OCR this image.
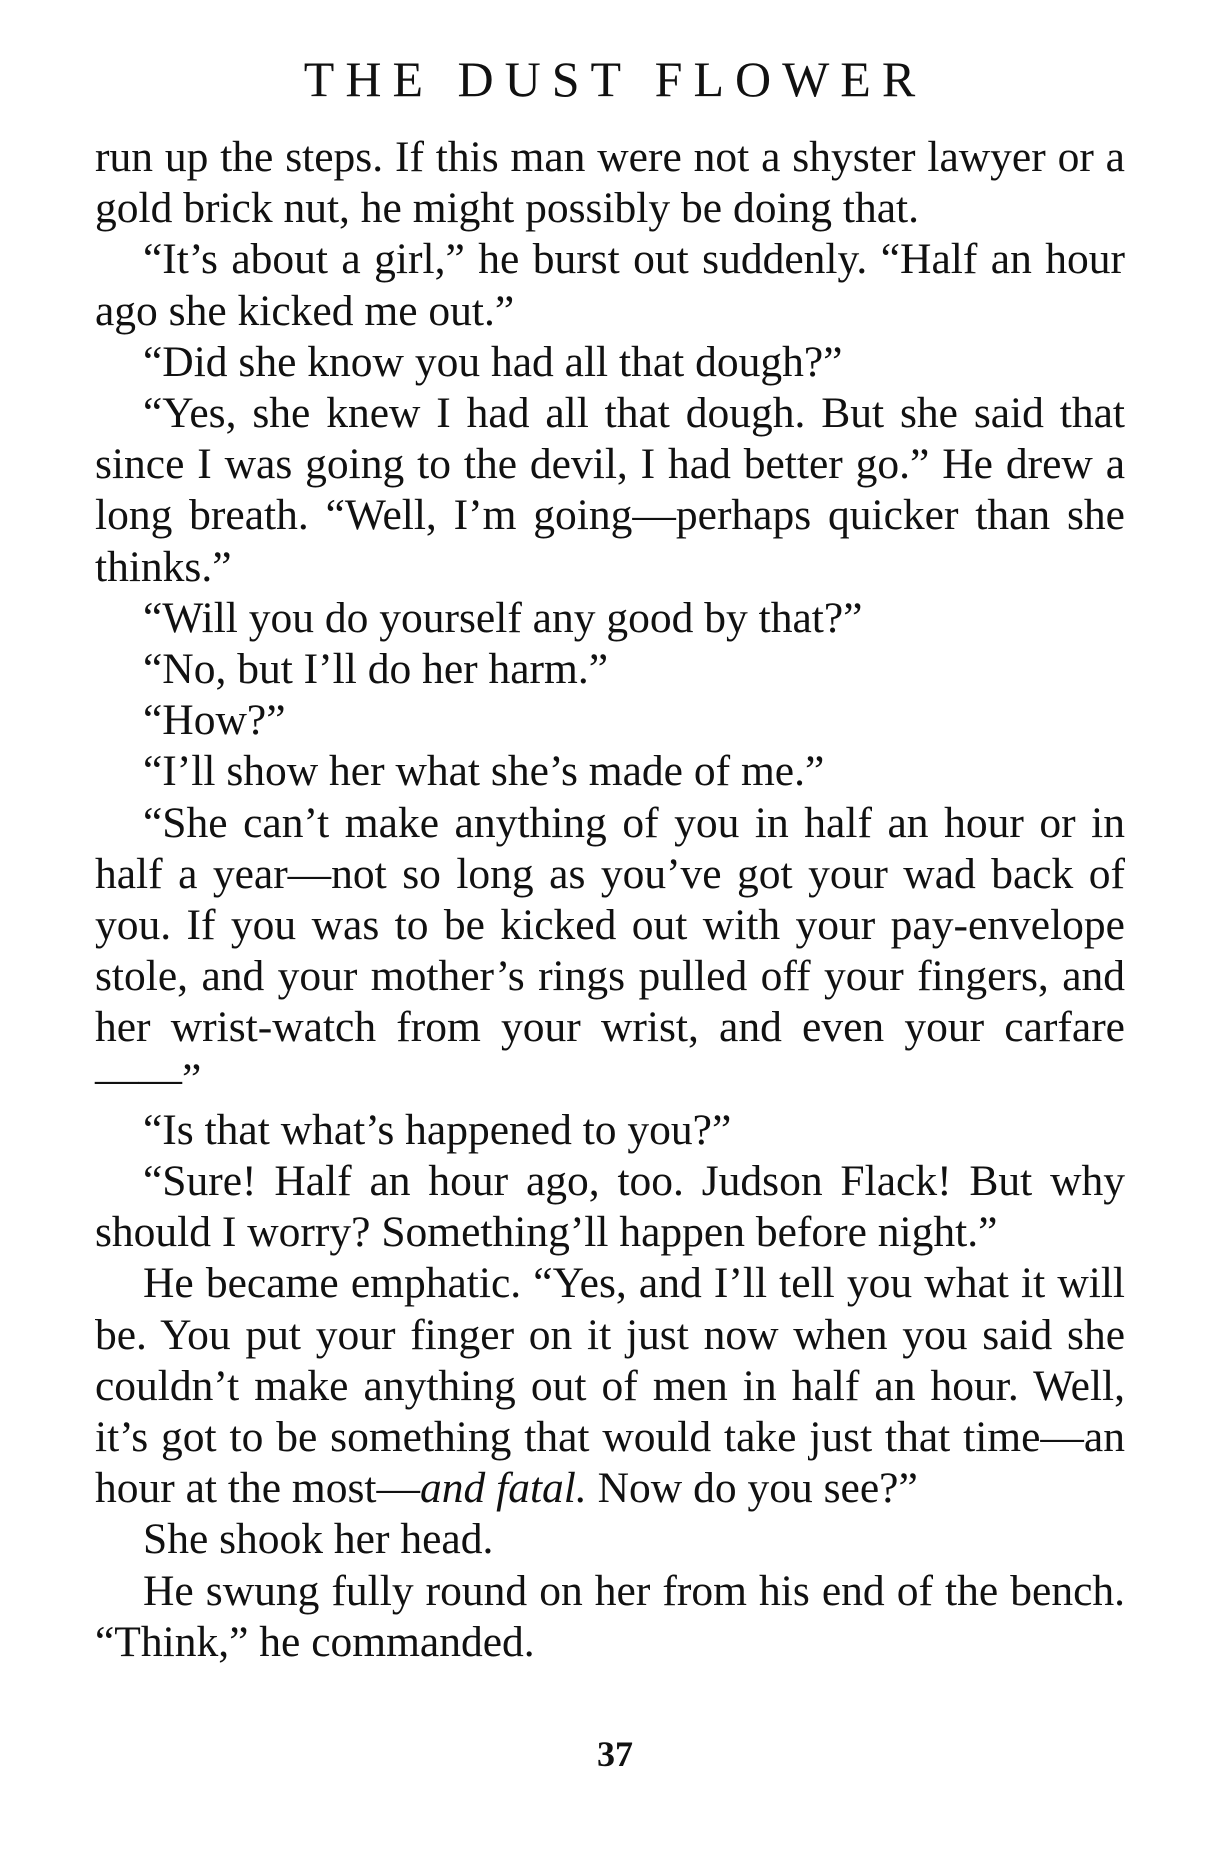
THE DUST FLOWER

run up the steps. If this man were not a shyster lawyer or a gold brick nut, he might possibly be doing that.

“It’s about a girl,” he burst out suddenly. “Half an hour ago she kicked me out.”

“Did she know you had all that dough?”

“Yes, she knew I had all that dough. But she said that since I was going to the devil, I had better go.” He drew a long breath. “Well, I’m going—perhaps quicker than she thinks.”

“Will you do yourself any good by that?”

“No, but I’ll do her harm.”

“How?”

“I’ll show her what she’s made of me.”

“She can’t make anything of you in half an hour or in half a year—not so long as you’ve got your wad back of you. If you was to be kicked out with your pay-envelope stole, and your mother’s rings pulled off your fingers, and her wrist-watch from your wrist, and even your carfare ——”

“Is that what’s happened to you?”

“Sure! Half an hour ago, too. Judson Flack! But why should I worry? Something’ll happen before night.”

He became emphatic. “Yes, and I’ll tell you what it will be. You put your finger on it just now when you said she couldn’t make anything out of men in half an hour. Well, it’s got to be something that would take just that time—an hour at the most—and fatal. Now do you see?”

She shook her head.

He swung fully round on her from his end of the bench. “Think,” he commanded.

37
